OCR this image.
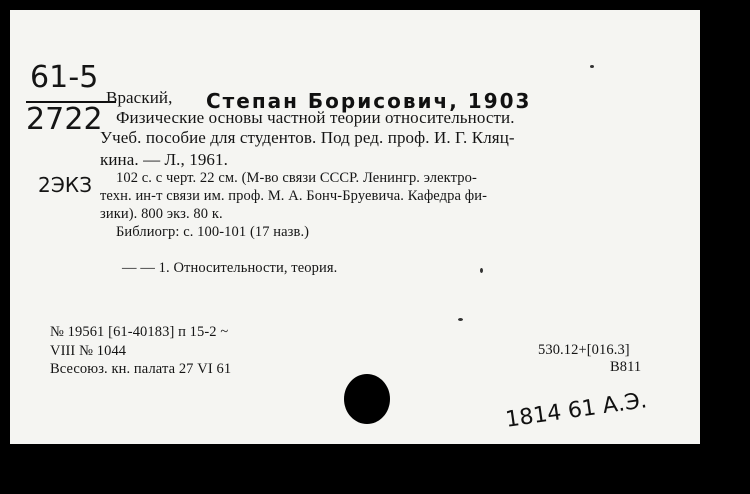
61-5
2722
2ЭКЗ
Враский, Степан Борисович, 1903
Физические основы частной теории относительности.
Учеб. пособие для студентов. Под ред. проф. И. Г. Кляц-
кина. — Л., 1961.
102 с. с черт. 22 см. (М-во связи СССР. Ленингр. электро-
техн. ин-т связи им. проф. М. А. Бонч-Бруевича. Кафедра фи-
зики). 800 экз. 80 к.
Библиогр: с. 100-101 (17 назв.)
— — 1. Относительности, теория.
№ 19561 [61-40183] п 15-2 ~
VIII № 1044
Всесоюз. кн. палата 27 VI 61
530.12+[016.3]
В811
1814 61 А.Э.
